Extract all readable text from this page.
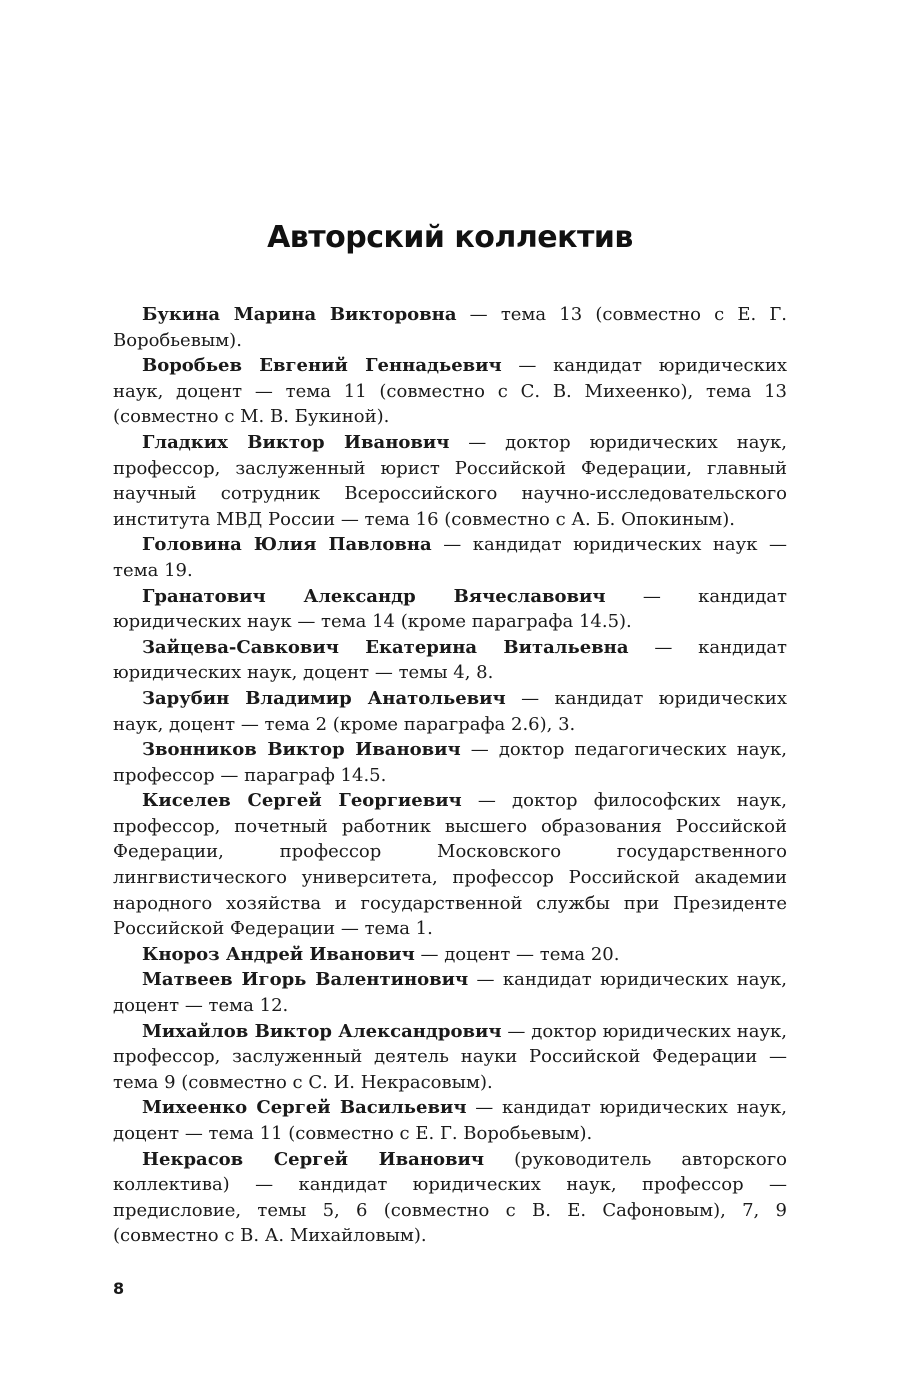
Авторский коллектив

Букина Марина Викторовна — тема 13 (совместно с Е. Г. Воробьевым).

Воробьев Евгений Геннадьевич — кандидат юридических наук, доцент — тема 11 (совместно с С. В. Михеенко), тема 13 (совместно с М. В. Букиной).

Гладких Виктор Иванович — доктор юридических наук, профессор, заслуженный юрист Российской Федерации, главный научный сотрудник Всероссийского научно-исследовательского института МВД России — тема 16 (совместно с А. Б. Опокиным).

Головина Юлия Павловна — кандидат юридических наук — тема 19.

Гранатович Александр Вячеславович — кандидат юридических наук — тема 14 (кроме параграфа 14.5).

Зайцева-Савкович Екатерина Витальевна — кандидат юридических наук, доцент — темы 4, 8.

Зарубин Владимир Анатольевич — кандидат юридических наук, доцент — тема 2 (кроме параграфа 2.6), 3.

Звонников Виктор Иванович — доктор педагогических наук, профессор — параграф 14.5.

Киселев Сергей Георгиевич — доктор философских наук, профессор, почетный работник высшего образования Российской Федерации, профессор Московского государственного лингвистического университета, профессор Российской академии народного хозяйства и государственной службы при Президенте Российской Федерации — тема 1.

Кнороз Андрей Иванович — доцент — тема 20.

Матвеев Игорь Валентинович — кандидат юридических наук, доцент — тема 12.

Михайлов Виктор Александрович — доктор юридических наук, профессор, заслуженный деятель науки Российской Федерации — тема 9 (совместно с С. И. Некрасовым).

Михеенко Сергей Васильевич — кандидат юридических наук, доцент — тема 11 (совместно с Е. Г. Воробьевым).

Некрасов Сергей Иванович (руководитель авторского коллектива) — кандидат юридических наук, профессор — предисловие, темы 5, 6 (совместно с В. Е. Сафоновым), 7, 9 (совместно с В. А. Михайловым).

8
